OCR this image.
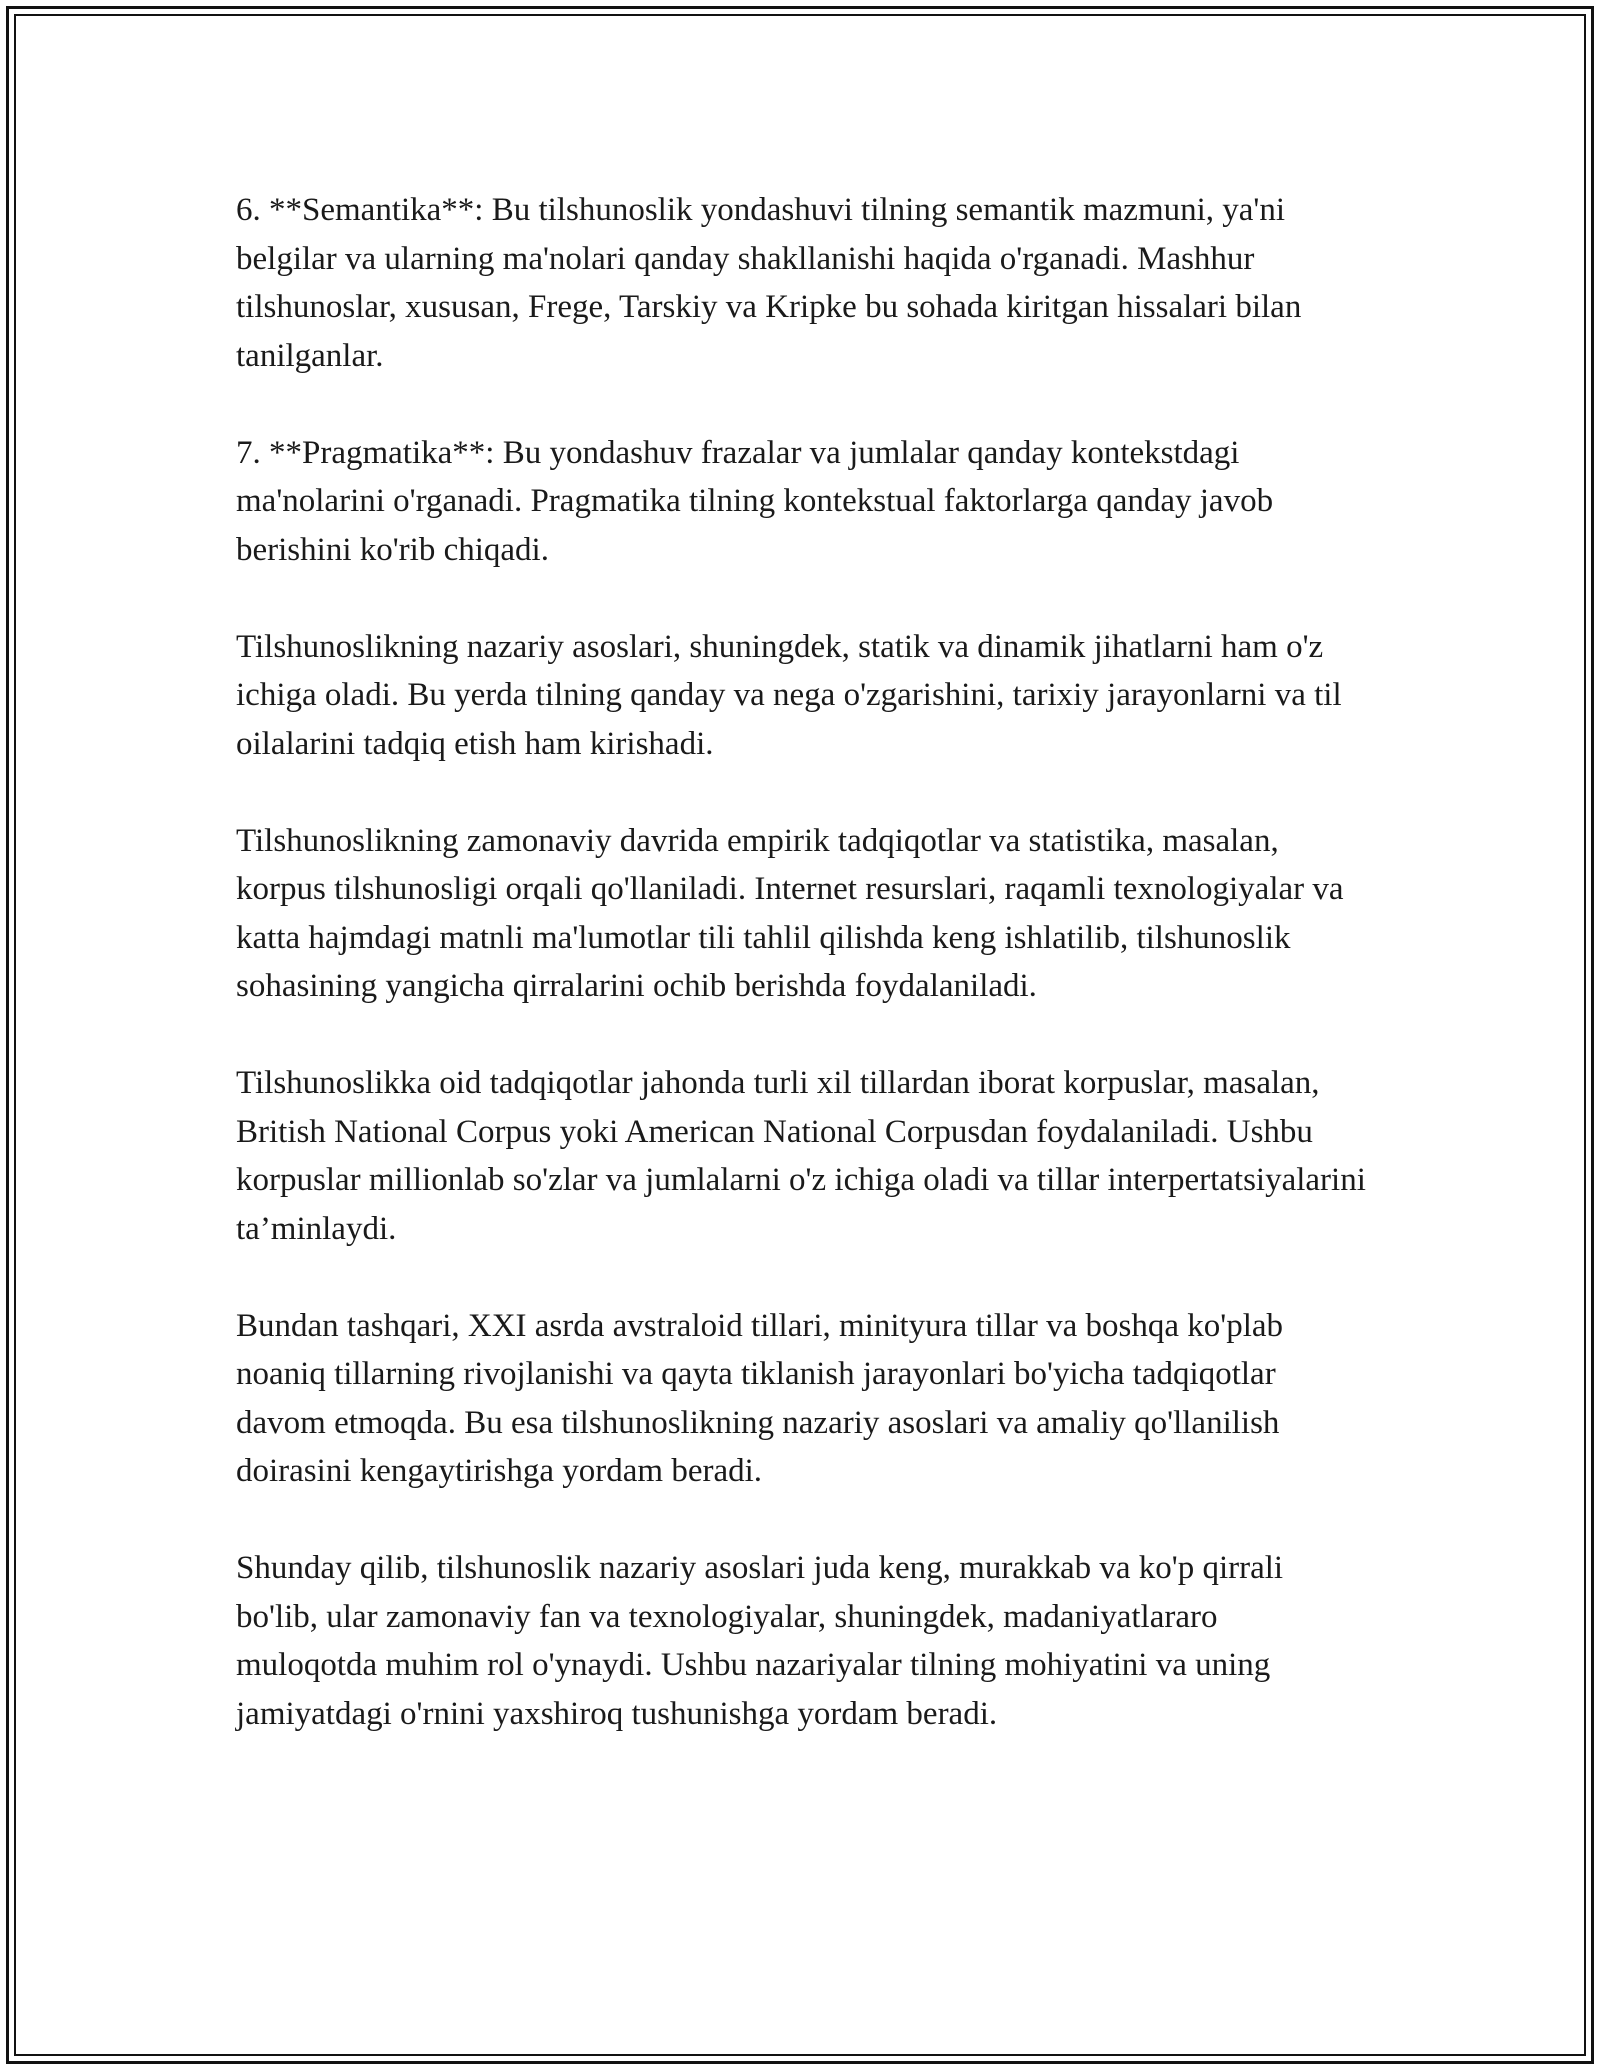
6. **Semantika**: Bu tilshunoslik yondashuvi tilning semantik mazmuni, ya'ni belgilar va ularning ma'nolari qanday shakllanishi haqida o'rganadi. Mashhur tilshunoslar, xususan, Frege, Tarskiy va Kripke bu sohada kiritgan hissalari bilan tanilganlar.

7. **Pragmatika**: Bu yondashuv frazalar va jumlalar qanday kontekstdagi ma'nolarini o'rganadi. Pragmatika tilning kontekstual faktorlarga qanday javob berishini ko'rib chiqadi.

Tilshunoslikning nazariy asoslari, shuningdek, statik va dinamik jihatlarni ham o'z ichiga oladi. Bu yerda tilning qanday va nega o'zgarishini, tarixiy jarayonlarni va til oilalarini tadqiq etish ham kirishadi.

Tilshunoslikning zamonaviy davrida empirik tadqiqotlar va statistika, masalan, korpus tilshunosligi orqali qo'llaniladi. Internet resurslari, raqamli texnologiyalar va katta hajmdagi matnli ma'lumotlar tili tahlil qilishda keng ishlatilib, tilshunoslik sohasining yangicha qirralarini ochib berishda foydalaniladi.

Tilshunoslikka oid tadqiqotlar jahonda turli xil tillardan iborat korpuslar, masalan, British National Corpus yoki American National Corpusdan foydalaniladi. Ushbu korpuslar millionlab so'zlar va jumlalarni o'z ichiga oladi va tillar interpertatsiyalarini ta’minlaydi.

Bundan tashqari, XXI asrda avstraloid tillari, minityura tillar va boshqa ko'plab noaniq tillarning rivojlanishi va qayta tiklanish jarayonlari bo'yicha tadqiqotlar davom etmoqda. Bu esa tilshunoslikning nazariy asoslari va amaliy qo'llanilish doirasini kengaytirishga yordam beradi.

Shunday qilib, tilshunoslik nazariy asoslari juda keng, murakkab va ko'p qirrali bo'lib, ular zamonaviy fan va texnologiyalar, shuningdek, madaniyatlararo muloqotda muhim rol o'ynaydi. Ushbu nazariyalar tilning mohiyatini va uning jamiyatdagi o'rnini yaxshiroq tushunishga yordam beradi.
